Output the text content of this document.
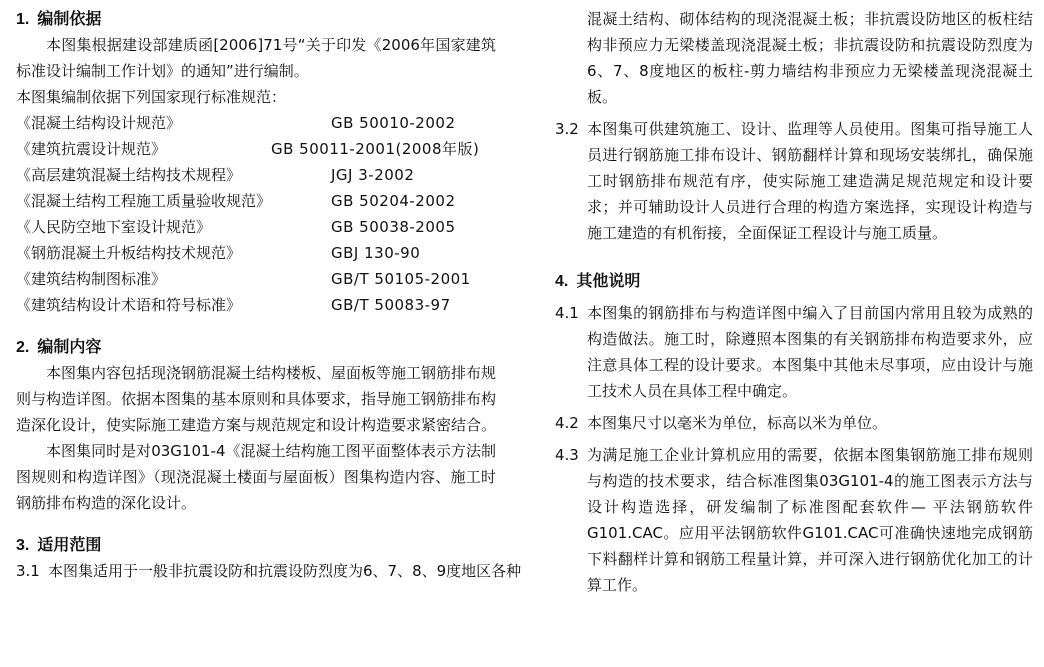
1. 编制依据

本图集根据建设部建质函[2006]71号“关于印发《2006年国家建筑标准设计编制工作计划》的通知”进行编制。

本图集编制依据下列国家现行标准规范：

《混凝土结构设计规范》	GB 50010-2002
《建筑抗震设计规范》	GB 50011-2001(2008年版)
《高层建筑混凝土结构技术规程》	JGJ 3-2002
《混凝土结构工程施工质量验收规范》	GB 50204-2002
《人民防空地下室设计规范》	GB 50038-2005
《钢筋混凝土升板结构技术规范》	GBJ 130-90
《建筑结构制图标准》	GB/T 50105-2001
《建筑结构设计术语和符号标准》	GB/T 50083-97
2. 编制内容

本图集内容包括现浇钢筋混凝土结构楼板、屋面板等施工钢筋排布规则与构造详图。依据本图集的基本原则和具体要求，指导施工钢筋排布构造深化设计，使实际施工建造方案与规范规定和设计构造要求紧密结合。

本图集同时是对03G101-4《混凝土结构施工图平面整体表示方法制图规则和构造详图》（现浇混凝土楼面与屋面板）图集构造内容、施工时钢筋排布构造的深化设计。

3. 适用范围
3.1 本图集适用于一般非抗震设防和抗震设防烈度为6、7、8、9度地区各种
混凝土结构、砌体结构的现浇混凝土板；非抗震设防地区的板柱结构非预应力无梁楼盖现浇混凝土板；非抗震设防和抗震设防烈度为6、7、8度地区的板柱-剪力墙结构非预应力无梁楼盖现浇混凝土板。
3.2 本图集可供建筑施工、设计、监理等人员使用。图集可指导施工人员进行钢筋施工排布设计、钢筋翻样计算和现场安装绑扎，确保施工时钢筋排布规范有序，使实际施工建造满足规范规定和设计要求；并可辅助设计人员进行合理的构造方案选择，实现设计构造与施工建造的有机衔接，全面保证工程设计与施工质量。
4. 其他说明
4.1 本图集的钢筋排布与构造详图中编入了目前国内常用且较为成熟的构造做法。施工时，除遵照本图集的有关钢筋排布构造要求外，应注意具体工程的设计要求。本图集中其他未尽事项，应由设计与施工技术人员在具体工程中确定。
4.2 本图集尺寸以毫米为单位，标高以米为单位。
4.3 为满足施工企业计算机应用的需要，依据本图集钢筋施工排布规则与构造的技术要求，结合标准图集03G101-4的施工图表示方法与设计构造选择，研发编制了标准图配套软件— 平法钢筋软件G101.CAC。应用平法钢筋软件G101.CAC可准确快速地完成钢筋下料翻样计算和钢筋工程量计算，并可深入进行钢筋优化加工的计算工作。
